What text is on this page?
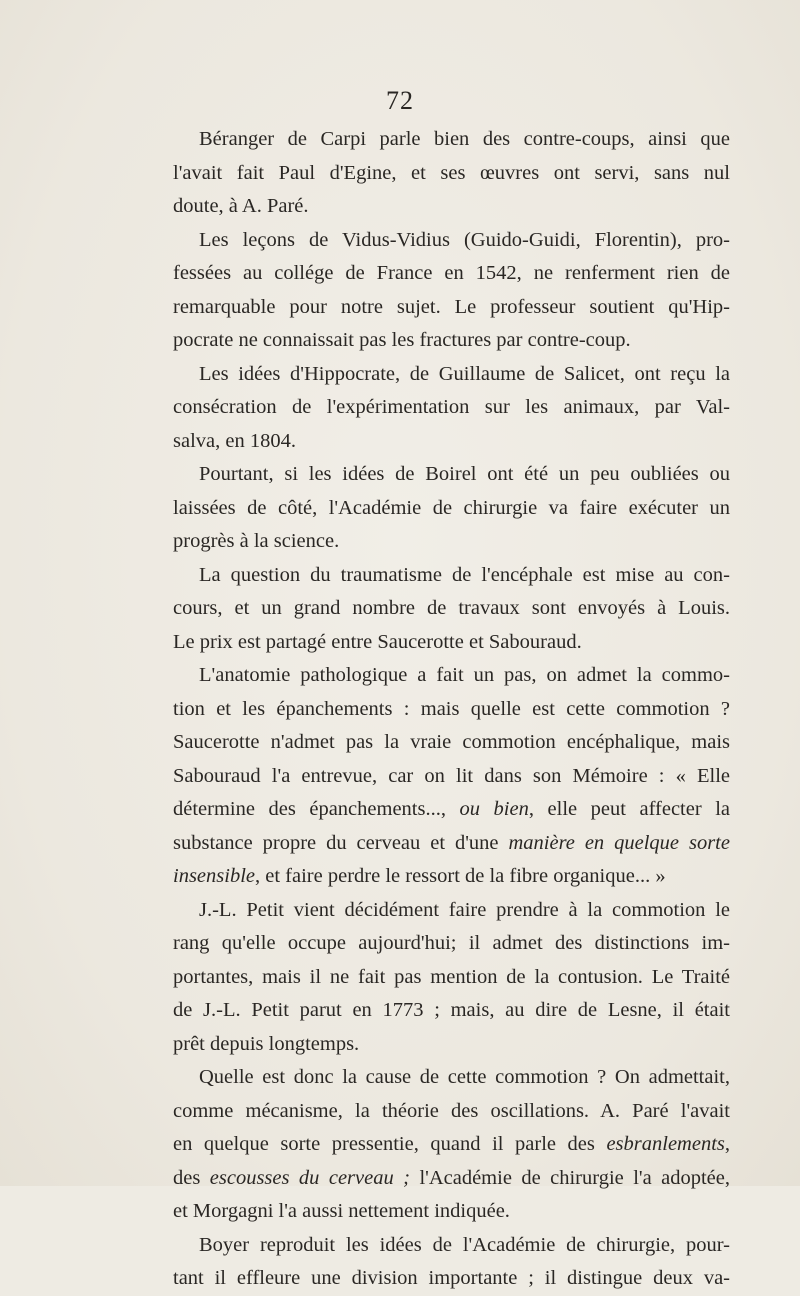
72
Béranger de Carpi parle bien des contre-coups, ainsi que
l'avait fait Paul d'Egine, et ses œuvres ont servi, sans nul
doute, à A. Paré.
Les leçons de Vidus-Vidius (Guido-Guidi, Florentin), pro-
fessées au collége de France en 1542, ne renferment rien de
remarquable pour notre sujet. Le professeur soutient qu'Hip-
pocrate ne connaissait pas les fractures par contre-coup.
Les idées d'Hippocrate, de Guillaume de Salicet, ont reçu la
consécration de l'expérimentation sur les animaux, par Val-
salva, en 1804.
Pourtant, si les idées de Boirel ont été un peu oubliées ou
laissées de côté, l'Académie de chirurgie va faire exécuter un
progrès à la science.
La question du traumatisme de l'encéphale est mise au con-
cours, et un grand nombre de travaux sont envoyés à Louis.
Le prix est partagé entre Saucerotte et Sabouraud.
L'anatomie pathologique a fait un pas, on admet la commo-
tion et les épanchements : mais quelle est cette commotion ?
Saucerotte n'admet pas la vraie commotion encéphalique, mais
Sabouraud l'a entrevue, car on lit dans son Mémoire : « Elle
détermine des épanchements..., ou bien, elle peut affecter la
substance propre du cerveau et d'une manière en quelque sorte
insensible, et faire perdre le ressort de la fibre organique... »
J.-L. Petit vient décidément faire prendre à la commotion le
rang qu'elle occupe aujourd'hui; il admet des distinctions im-
portantes, mais il ne fait pas mention de la contusion. Le Traité
de J.-L. Petit parut en 1773 ; mais, au dire de Lesne, il était
prêt depuis longtemps.
Quelle est donc la cause de cette commotion ? On admettait,
comme mécanisme, la théorie des oscillations. A. Paré l'avait
en quelque sorte pressentie, quand il parle des esbranlements,
des escousses du cerveau ; l'Académie de chirurgie l'a adoptée,
et Morgagni l'a aussi nettement indiquée.
Boyer reproduit les idées de l'Académie de chirurgie, pour-
tant il effleure une division importante ; il distingue deux va-
